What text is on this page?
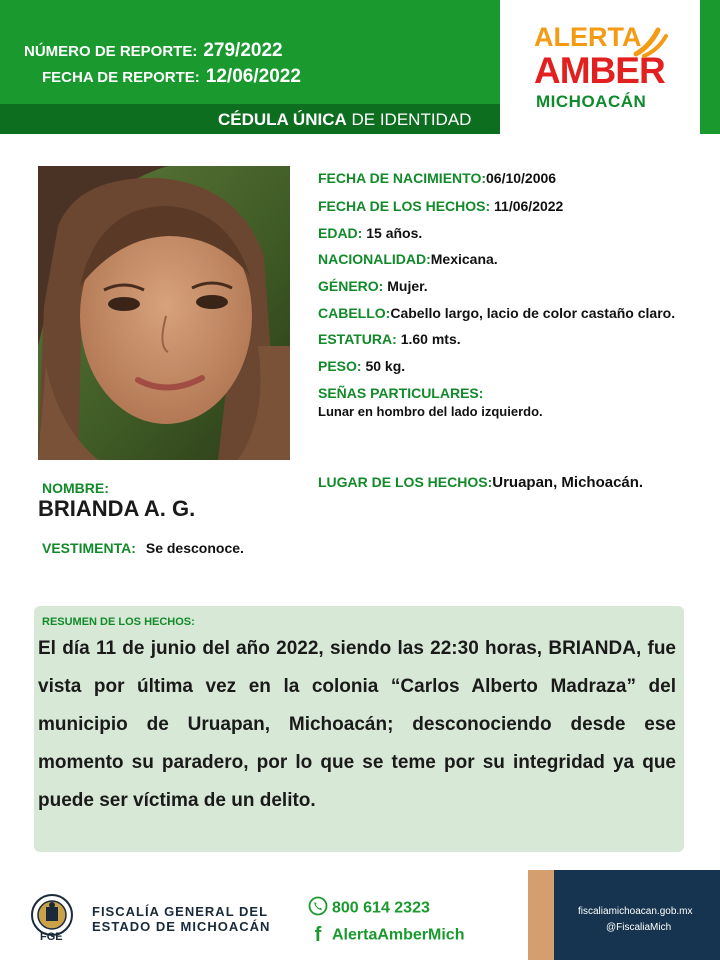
NÚMERO DE REPORTE: 279/2022
FECHA DE REPORTE: 12/06/2022
CÉDULA ÚNICA DE IDENTIDAD
ALERTA
AMBER
MICHOACÁN
FECHA DE NACIMIENTO:06/10/2006
FECHA DE LOS HECHOS: 11/06/2022
EDAD: 15 años.
NACIONALIDAD:Mexicana.
GÉNERO: Mujer.
CABELLO:Cabello largo, lacio de color castaño claro.
ESTATURA: 1.60 mts.
PESO: 50 kg.
SEÑAS PARTICULARES:
Lunar en hombro del lado izquierdo.
LUGAR DE LOS HECHOS:Uruapan, Michoacán.
NOMBRE:
BRIANDA A. G.
VESTIMENTA: Se desconoce.
RESUMEN DE LOS HECHOS:
El día 11 de junio del año 2022, siendo las 22:30 horas, BRIANDA, fue vista por última vez en la colonia “Carlos Alberto Madraza” del municipio de Uruapan, Michoacán; desconociendo desde ese momento su paradero, por lo que se teme por su integridad ya que puede ser víctima de un delito.
FGE
FISCALÍA GENERAL DEL
ESTADO DE MICHOACÁN
800 614 2323
f AlertaAmberMich
fiscaliamichoacan.gob.mx
@FiscaliaMich
